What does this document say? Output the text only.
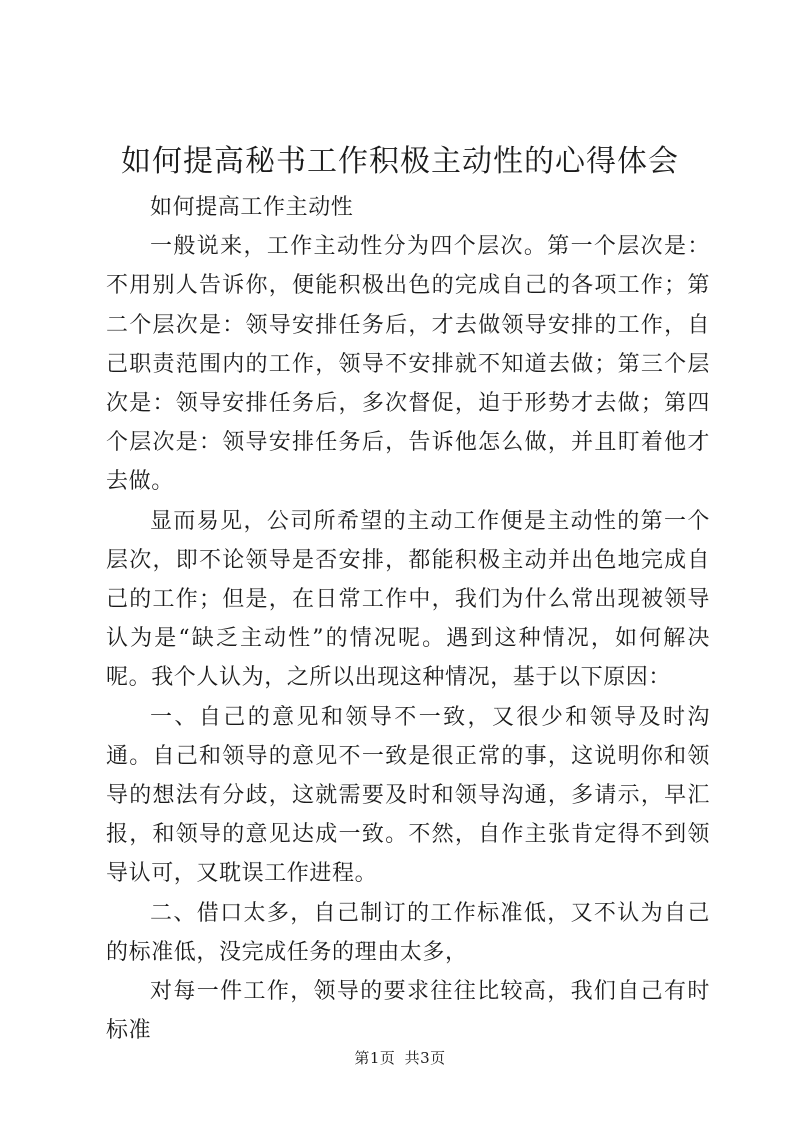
如何提高秘书工作积极主动性的心得体会

如何提高工作主动性

一般说来，工作主动性分为四个层次。第一个层次是：不用别人告诉你，便能积极出色的完成自己的各项工作；第二个层次是：领导安排任务后，才去做领导安排的工作，自己职责范围内的工作，领导不安排就不知道去做；第三个层次是：领导安排任务后，多次督促，迫于形势才去做；第四个层次是：领导安排任务后，告诉他怎么做，并且盯着他才去做。

显而易见，公司所希望的主动工作便是主动性的第一个层次，即不论领导是否安排，都能积极主动并出色地完成自己的工作；但是，在日常工作中，我们为什么常出现被领导认为是“缺乏主动性”的情况呢。遇到这种情况，如何解决呢。我个人认为，之所以出现这种情况，基于以下原因：

一、自己的意见和领导不一致，又很少和领导及时沟通。自己和领导的意见不一致是很正常的事，这说明你和领导的想法有分歧，这就需要及时和领导沟通，多请示，早汇报，和领导的意见达成一致。不然，自作主张肯定得不到领导认可，又耽误工作进程。

二、借口太多，自己制订的工作标准低，又不认为自己的标准低，没完成任务的理由太多，

对每一件工作，领导的要求往往比较高，我们自己有时标准

第1页 共3页
